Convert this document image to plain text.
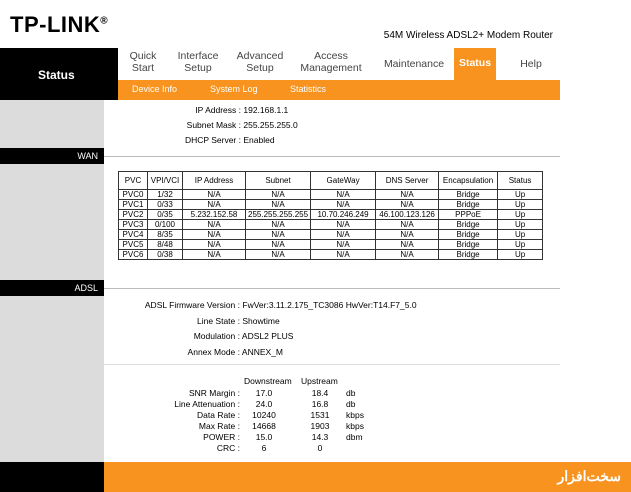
TP-LINK®
54M Wireless ADSL2+ Modem Router
Status
Quick
Start
Interface
Setup
Advanced
Setup
Access
Management	Maintenance	Status	Help
Device Info	System Log	Statistics
IP Address : 192.168.1.1
Subnet Mask : 255.255.255.0
DHCP Server : Enabled
WAN
PVC	VPI/VCI	IP Address	Subnet	GateWay	DNS Server	Encapsulation	Status
PVC0	1/32	N/A	N/A	N/A	N/A	Bridge	Up
PVC1	0/33	N/A	N/A	N/A	N/A	Bridge	Up
PVC2	0/35	5.232.152.58	255.255.255.255	10.70.246.249	46.100.123.126	PPPoE	Up
PVC3	0/100	N/A	N/A	N/A	N/A	Bridge	Up
PVC4	8/35	N/A	N/A	N/A	N/A	Bridge	Up
PVC5	8/48	N/A	N/A	N/A	N/A	Bridge	Up
PVC6	0/38	N/A	N/A	N/A	N/A	Bridge	Up
ADSL
ADSL Firmware Version : FwVer:3.11.2.175_TC3086 HwVer:T14.F7_5.0
Line State : Showtime
Modulation : ADSL2 PLUS
Annex Mode : ANNEX_M
Downstream Upstream
SNR Margin :	17.0	18.4	db
Line Attenuation :	24.0	16.8	db
Data Rate :	10240	1531	kbps
Max Rate :	14668	1903	kbps
POWER :	15.0	14.3	dbm
CRC :	6	0
سخت‌افزار
